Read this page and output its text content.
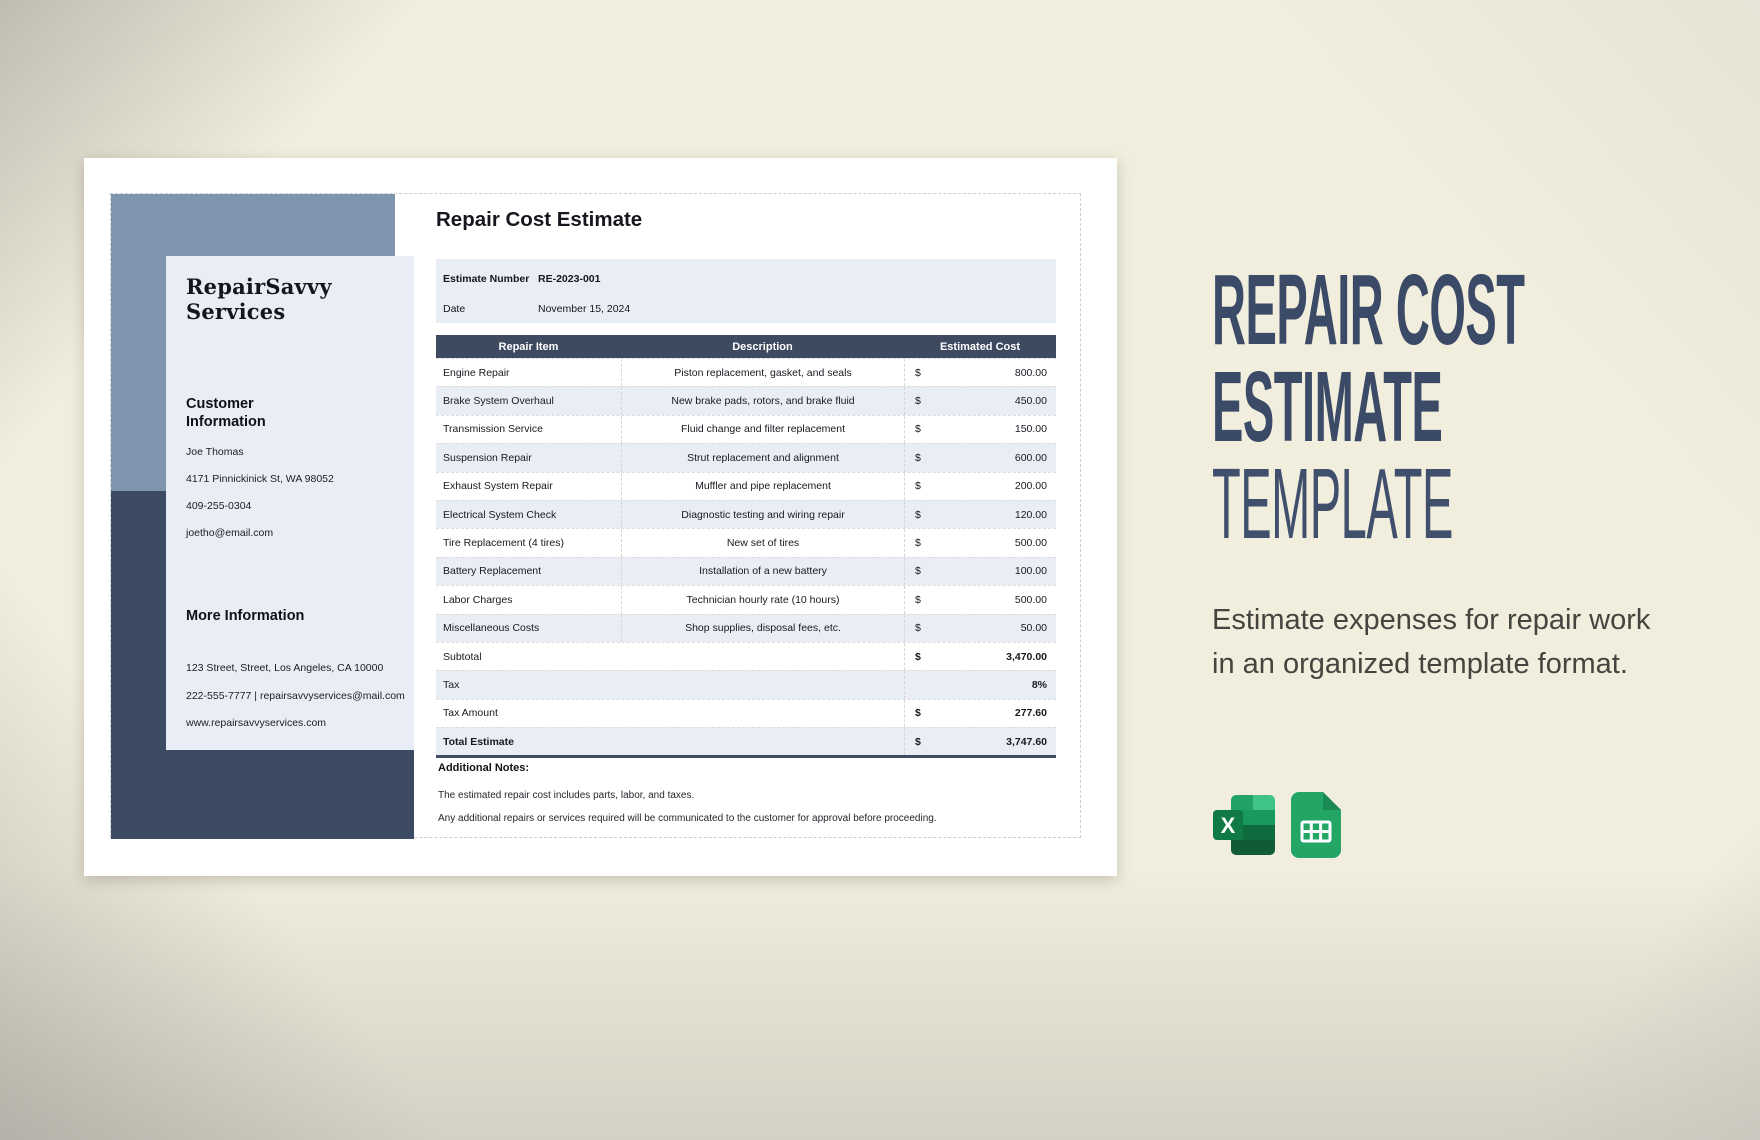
RepairSavvy Services
Customer Information
Joe Thomas
4171 Pinnickinick St, WA 98052
409-255-0304
joetho@email.com
More Information
123 Street, Street, Los Angeles, CA 10000
222-555-7777 | repairsavvyservices@mail.com
www.repairsavvyservices.com
Repair Cost Estimate
Estimate Number RE-2023-001
Date	November 15, 2024
Repair Item	Description	Estimated Cost
Engine Repair	Piston replacement, gasket, and seals	$	800.00
Brake System Overhaul	New brake pads, rotors, and brake fluid	$	450.00
Transmission Service	Fluid change and filter replacement	$	150.00
Suspension Repair	Strut replacement and alignment	$	600.00
Exhaust System Repair	Muffler and pipe replacement	$	200.00
Electrical System Check	Diagnostic testing and wiring repair	$	120.00
Tire Replacement (4 tires)	New set of tires	$	500.00
Battery Replacement	Installation of a new battery	$	100.00
Labor Charges	Technician hourly rate (10 hours)	$	500.00
Miscellaneous Costs	Shop supplies, disposal fees, etc.	$	50.00
Subtotal	$	3,470.00
Tax	8%
Tax Amount	$	277.60
Total Estimate	$	3,747.60
Additional Notes:
The estimated repair cost includes parts, labor, and taxes.
Any additional repairs or services required will be communicated to the customer for approval before proceeding.
REPAIR COST
ESTIMATE
TEMPLATE
Estimate expenses for repair work in an organized template format.
X
